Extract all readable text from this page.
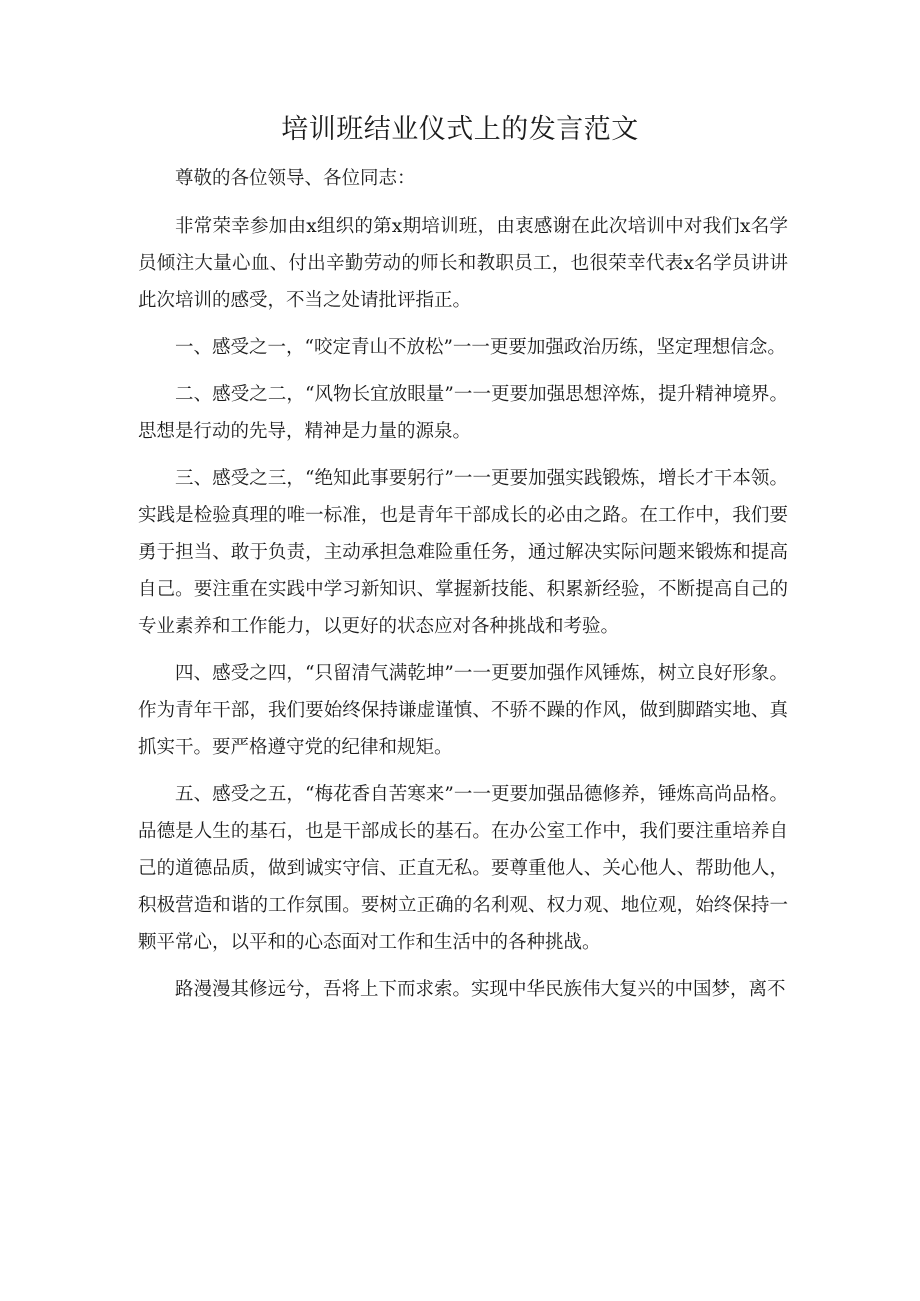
培训班结业仪式上的发言范文

尊敬的各位领导、各位同志：

非常荣幸参加由x组织的第x期培训班，由衷感谢在此次培训中对我们x名学员倾注大量心血、付出辛勤劳动的师长和教职员工，也很荣幸代表x名学员讲讲此次培训的感受，不当之处请批评指正。

一、感受之一，“咬定青山不放松”一一更要加强政治历练，坚定理想信念。

二、感受之二，“风物长宜放眼量”一一更要加强思想淬炼，提升精神境界。思想是行动的先导，精神是力量的源泉。

三、感受之三，“绝知此事要躬行”一一更要加强实践锻炼，增长才干本领。实践是检验真理的唯一标准，也是青年干部成长的必由之路。在工作中，我们要勇于担当、敢于负责，主动承担急难险重任务，通过解决实际问题来锻炼和提高自己。要注重在实践中学习新知识、掌握新技能、积累新经验，不断提高自己的专业素养和工作能力，以更好的状态应对各种挑战和考验。

四、感受之四，“只留清气满乾坤”一一更要加强作风锤炼，树立良好形象。作为青年干部，我们要始终保持谦虚谨慎、不骄不躁的作风，做到脚踏实地、真抓实干。要严格遵守党的纪律和规矩。

五、感受之五，“梅花香自苦寒来”一一更要加强品德修养，锤炼高尚品格。品德是人生的基石，也是干部成长的基石。在办公室工作中，我们要注重培养自己的道德品质，做到诚实守信、正直无私。要尊重他人、关心他人、帮助他人，积极营造和谐的工作氛围。要树立正确的名利观、权力观、地位观，始终保持一颗平常心，以平和的心态面对工作和生活中的各种挑战。

路漫漫其修远兮，吾将上下而求索。实现中华民族伟大复兴的中国梦，离不
